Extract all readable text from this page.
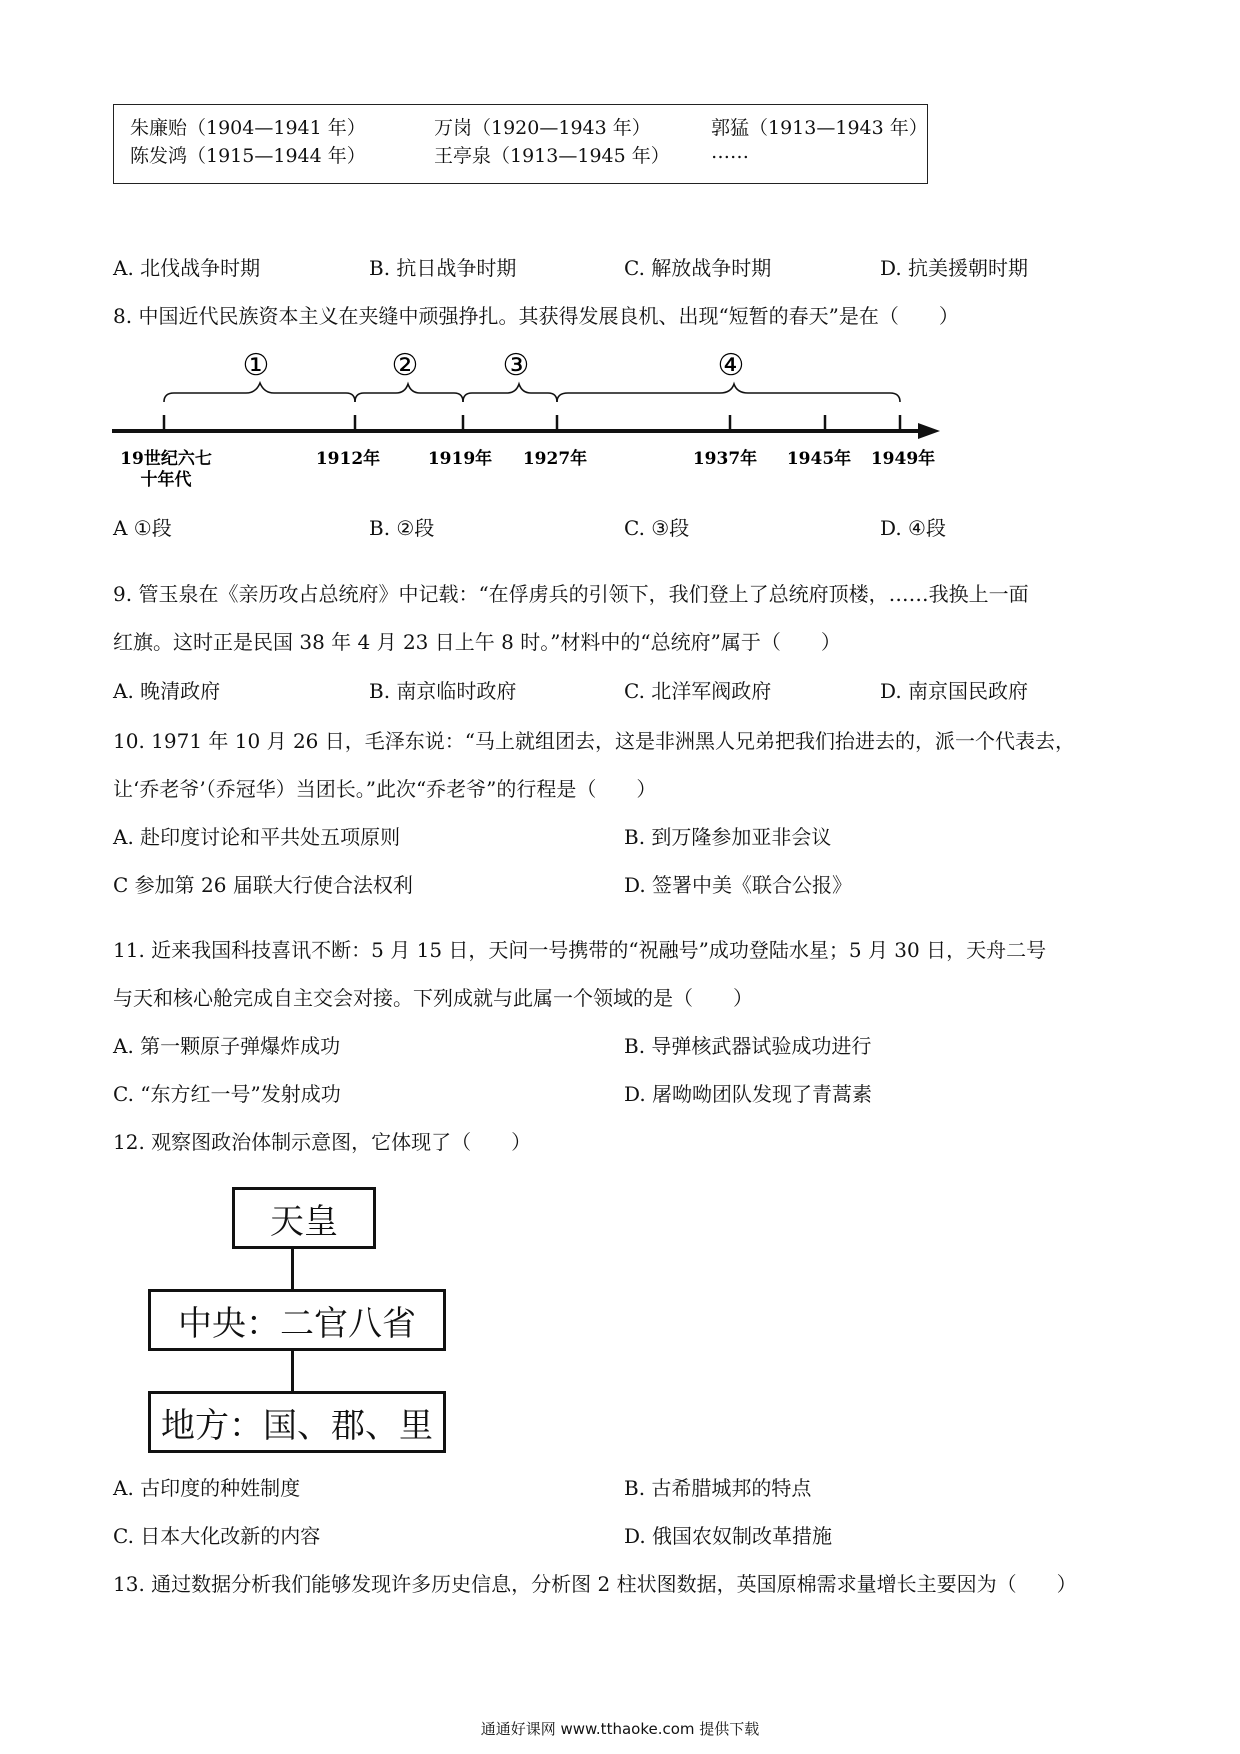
朱廉贻（1904—1941 年）	万岗（1920—1943 年）	郭猛（1913—1943 年）
陈发鸿（1915—1944 年）	王亭泉（1913—1945 年） ……
A. 北伐战争时期	B. 抗日战争时期	C. 解放战争时期	D. 抗美援朝时期
8. 中国近代民族资本主义在夹缝中顽强挣扎。其获得发展良机、出现“短暂的春天”是在（　　）
①	②	③	④
19世纪六七
十年代
1912年	1919年 1927年	1937年 1945年 1949年
A ①段	B. ②段	C. ③段	D. ④段
9. 管玉泉在《亲历攻占总统府》中记载：“在俘虏兵的引领下，我们登上了总统府顶楼，……我换上一面
红旗。这时正是民国 38 年 4 月 23 日上午 8 时。”材料中的“总统府”属于（　　）
A. 晚清政府	B. 南京临时政府	C. 北洋军阀政府	D. 南京国民政府
10. 1971 年 10 月 26 日，毛泽东说：“马上就组团去，这是非洲黑人兄弟把我们抬进去的，派一个代表去，
让‘乔老爷’（乔冠华）当团长。”此次“乔老爷”的行程是（　　）
A. 赴印度讨论和平共处五项原则	B. 到万隆参加亚非会议
C 参加第 26 届联大行使合法权利	D. 签署中美《联合公报》
11. 近来我国科技喜讯不断：5 月 15 日，天问一号携带的“祝融号”成功登陆水星；5 月 30 日，天舟二号
与天和核心舱完成自主交会对接。下列成就与此属一个领域的是（　　）
A. 第一颗原子弹爆炸成功	B. 导弹核武器试验成功进行
C. “东方红一号”发射成功	D. 屠呦呦团队发现了青蒿素
12. 观察图政治体制示意图，它体现了（　　）
天皇
中央：二官八省
地方：国、郡、里
A. 古印度的种姓制度	B. 古希腊城邦的特点
C. 日本大化改新的内容	D. 俄国农奴制改革措施
13. 通过数据分析我们能够发现许多历史信息，分析图 2 柱状图数据，英国原棉需求量增长主要因为（　　）
通通好课网 www.tthaoke.com 提供下载
